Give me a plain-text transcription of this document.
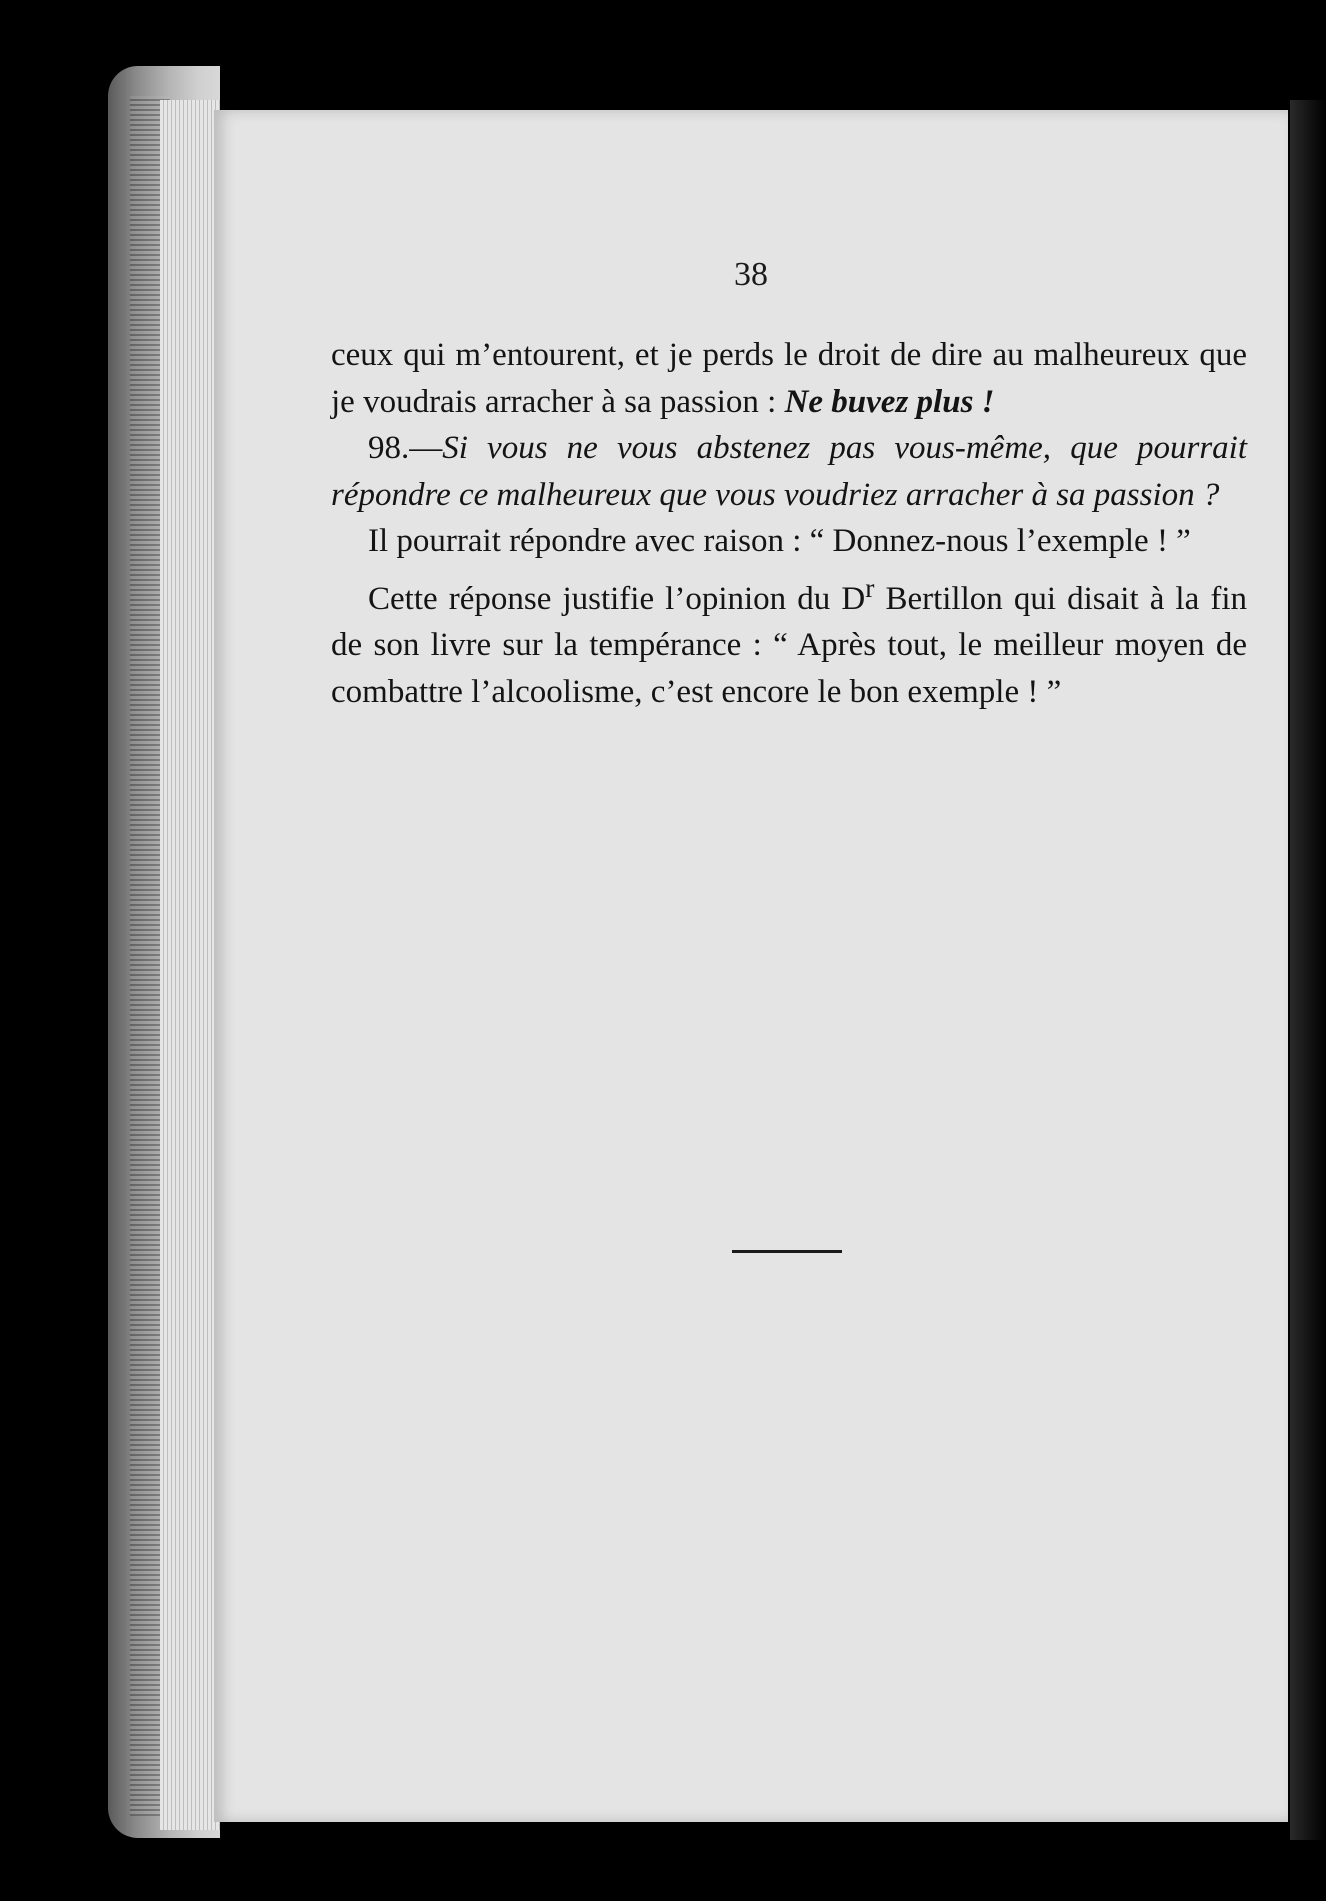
38

ceux qui m’entourent, et je perds le droit de dire au malheureux que je voudrais arracher à sa passion : Ne buvez plus !

98.—Si vous ne vous abstenez pas vous-même, que pourrait répondre ce malheureux que vous voudriez arracher à sa passion ?

Il pourrait répondre avec raison : “ Donnez-nous l’exemple ! ”

Cette réponse justifie l’opinion du $D^r$ Bertillon qui disait à la fin de son livre sur la tempérance : “ Après tout, le meilleur moyen de combattre l’alcoolisme, c’est encore le bon exemple ! ”
